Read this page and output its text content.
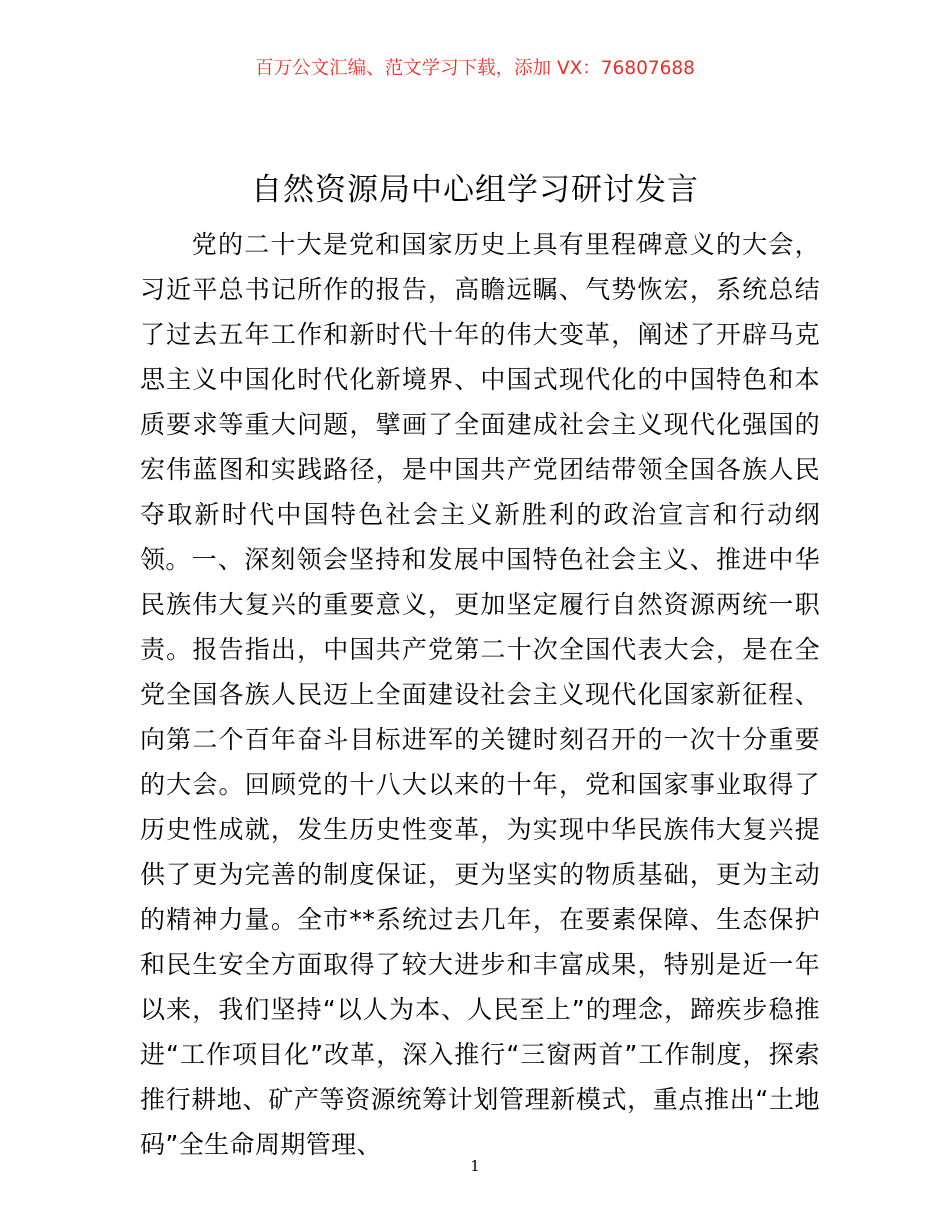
百万公文汇编、范文学习下载，添加 VX：76807688
自然资源局中心组学习研讨发言

党的二十大是党和国家历史上具有里程碑意义的大会，习近平总书记所作的报告，高瞻远瞩、气势恢宏，系统总结了过去五年工作和新时代十年的伟大变革，阐述了开辟马克思主义中国化时代化新境界、中国式现代化的中国特色和本质要求等重大问题，擘画了全面建成社会主义现代化强国的宏伟蓝图和实践路径，是中国共产党团结带领全国各族人民夺取新时代中国特色社会主义新胜利的政治宣言和行动纲领。 一、深刻领会坚持和发展中国特色社会主义、推进中华民族伟大复兴的重要意义，更加坚定履行自然资源两统一职责。报告指出，中国共产党第二十次全国代表大会，是在全党全国各族人民迈上全面建设社会主义现代化国家新征程、向第二个百年奋斗目标进军的关键时刻召开的一次十分重要的大会。回顾党的十八大以来的十年，党和国家事业取得了历史性成就，发生历史性变革，为实现中华民族伟大复兴提供了更为完善的制度保证，更为坚实的物质基础，更为主动的精神力量。全市**系统过去几年，在要素保障、生态保护和民生安全方面取得了较大进步和丰富成果，特别是近一年以来，我们坚持“以人为本、人民至上”的理念，蹄疾步稳推进“工作项目化”改革，深入推行“三窗两首”工作制度，探索推行耕地、矿产等资源统筹计划管理新模式，重点推出“土地码”全生命周期管理、

1
